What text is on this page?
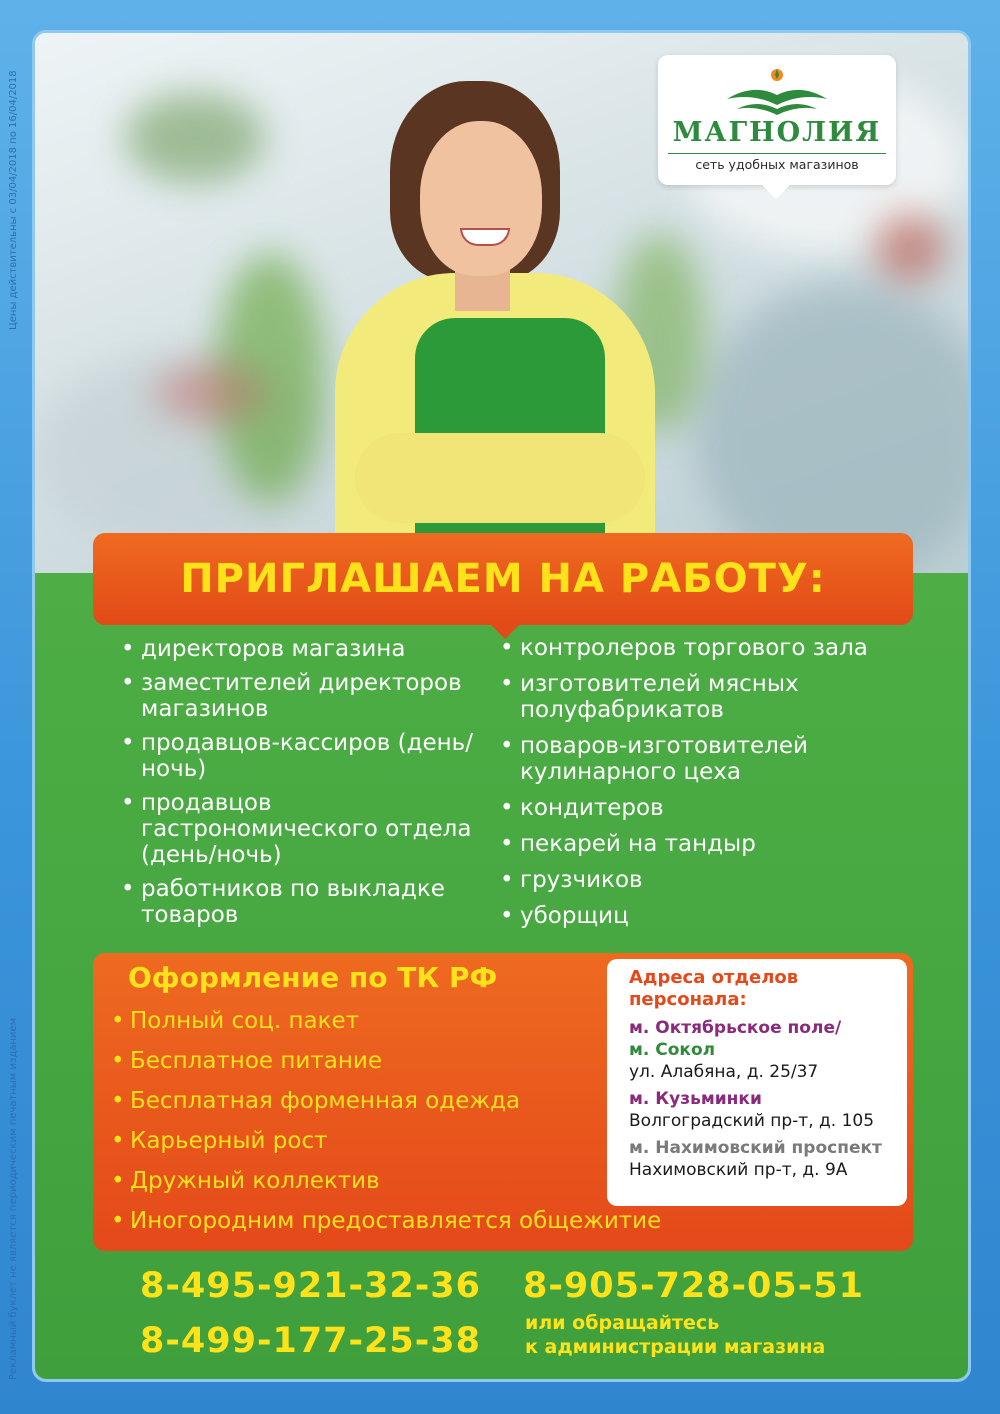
Цены действительны с 03/04/2018 по 16/04/2018
Рекламный буклет не является периодическим печатным изданием
МАГНОЛИЯ
сеть удобных магазинов
ПРИГЛАШАЕМ НА РАБОТУ:
• директоров магазина
• заместителей директоров магазинов
• продавцов-кассиров (день/ночь)
• продавцов гастрономического отдела (день/ночь)
• работников по выкладке товаров
• контролеров торгового зала
• изготовителей мясных полуфабрикатов
• поваров-изготовителей кулинарного цеха
• кондитеров
• пекарей на тандыр
• грузчиков
• уборщиц
Оформление по ТК РФ
• Полный соц. пакет
• Бесплатное питание
• Бесплатная форменная одежда
• Карьерный рост
• Дружный коллектив
• Иногородним предоставляется общежитие
Адреса отделов персонала:
м. Октябрьское поле/
м. Сокол
ул. Алабяна, д. 25/37
м. Кузьминки
Волгоградский пр-т, д. 105
м. Нахимовский проспект
Нахимовский пр-т, д. 9А
8-495-921-32-36
8-499-177-25-38
8-905-728-05-51
или обращайтесь
к администрации магазина
